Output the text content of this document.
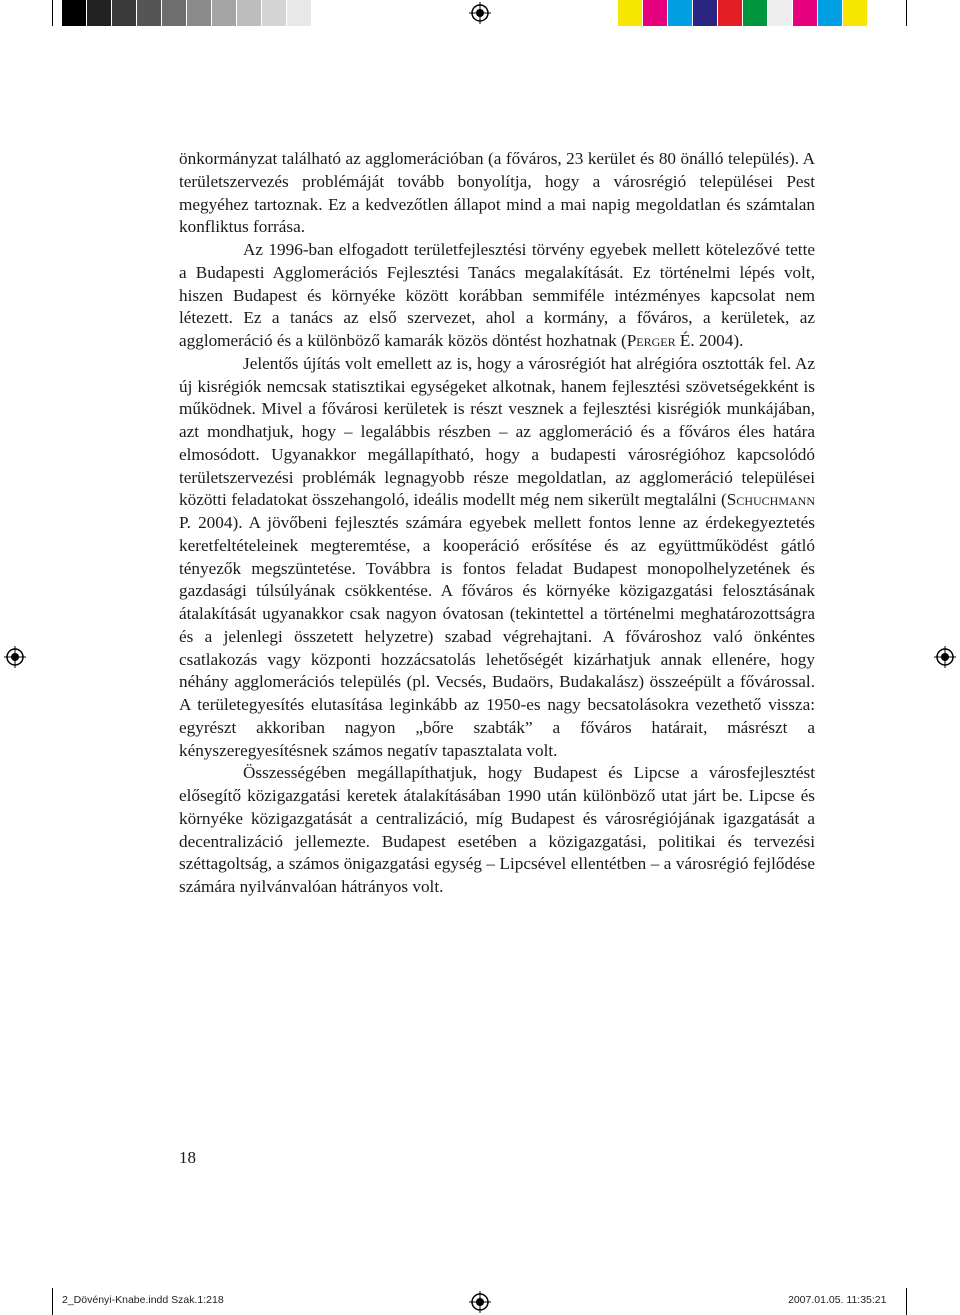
önkormányzat található az agglomerációban (a főváros, 23 kerület és 80 önálló település). A területszervezés problémáját tovább bonyolítja, hogy a városrégió települései Pest megyéhez tartoznak. Ez a kedvezőtlen állapot mind a mai napig megoldatlan és számtalan konfliktus forrása.

Az 1996-ban elfogadott területfejlesztési törvény egyebek mellett kötelezővé tette a Budapesti Agglomerációs Fejlesztési Tanács megalakítását. Ez történelmi lépés volt, hiszen Budapest és környéke között korábban semmiféle intézményes kapcsolat nem létezett. Ez a tanács az első szervezet, ahol a kormány, a főváros, a kerületek, az agglomeráció és a különböző kamarák közös döntést hozhatnak (Perger É. 2004).

Jelentős újítás volt emellett az is, hogy a városrégiót hat alrégióra osztották fel. Az új kisrégiók nemcsak statisztikai egységeket alkotnak, hanem fejlesztési szövetségekként is működnek. Mivel a fővárosi kerületek is részt vesznek a fejlesztési kisrégiók munkájában, azt mondhatjuk, hogy – legalábbis részben – az agglomeráció és a főváros éles határa elmosódott. Ugyanakkor megállapítható, hogy a budapesti városrégióhoz kapcsolódó területszervezési problémák legnagyobb része megoldatlan, az agglomeráció települései közötti feladatokat összehangoló, ideális modellt még nem sikerült megtalálni (Schuchmann P. 2004). A jövőbeni fejlesztés számára egyebek mellett fontos lenne az érdekegyeztetés keretfeltételeinek megteremtése, a kooperáció erősítése és az együttműködést gátló tényezők megszüntetése. Továbbra is fontos feladat Budapest monopolhelyzetének és gazdasági túlsúlyának csökkentése. A főváros és környéke közigazgatási felosztásának átalakítását ugyanakkor csak nagyon óvatosan (tekintettel a történelmi meghatározottságra és a jelenlegi összetett helyzetre) szabad végrehajtani. A fővároshoz való önkéntes csatlakozás vagy központi hozzácsatolás lehetőségét kizárhatjuk annak ellenére, hogy néhány agglomerációs település (pl. Vecsés, Budaörs, Budakalász) összeépült a fővárossal. A területegyesítés elutasítása leginkább az 1950-es nagy becsatolásokra vezethető vissza: egyrészt akkoriban nagyon „bőre szabták” a főváros határait, másrészt a kényszeregyesítésnek számos negatív tapasztalata volt.

Összességében megállapíthatjuk, hogy Budapest és Lipcse a városfejlesztést elősegítő közigazgatási keretek átalakításában 1990 után különböző utat járt be. Lipcse és környéke közigazgatását a centralizáció, míg Budapest és városrégiójának igazgatását a decentralizáció jellemezte. Budapest esetében a közigazgatási, politikai és tervezési széttagoltság, a számos önigazgatási egység – Lipcsével ellentétben – a városrégió fejlődése számára nyilvánvalóan hátrányos volt.

18
2_Dövényi-Knabe.indd Szak.1:218	2007.01.05. 11:35:21
